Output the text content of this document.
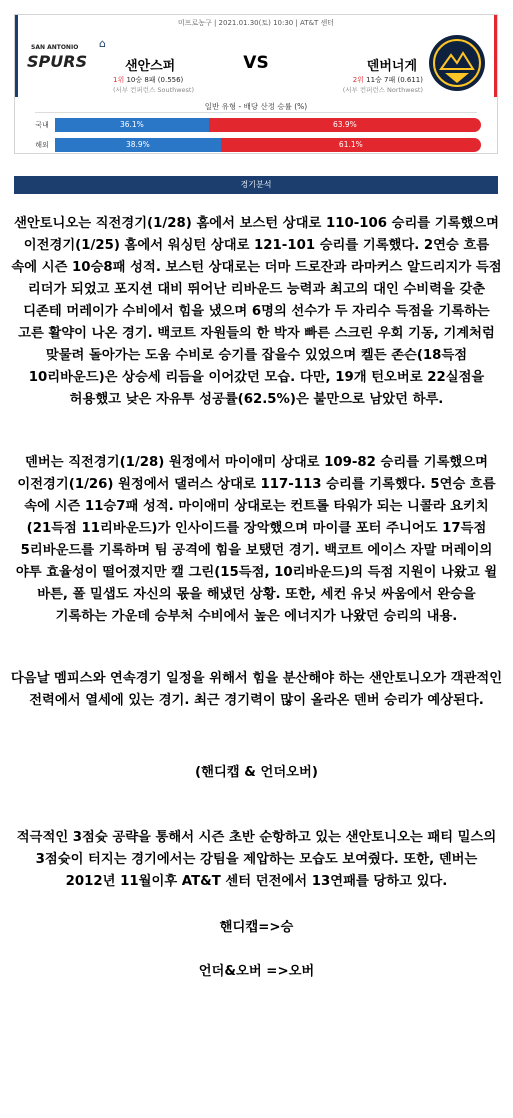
미프로농구 | 2021.01.30(토) 10:30 | AT&T 센터
SAN ANTONIO
SPURS
⌂
샌안스퍼	VS	덴버너게
1위 10승 8패 (0.556)	2위 11승 7패 (0.611)
(서부 컨퍼런스 Southwest)	(서부 컨퍼런스 Northwest)
일반 유형 - 배당 산정 승률 (%)
국내	36.1%	63.9%
해외	38.9%	61.1%
경기분석

샌안토니오는 직전경기(1/28) 홈에서 보스턴 상대로 110-106 승리를 기록했으며 이전경기(1/25) 홈에서 워싱턴 상대로 121-101 승리를 기록했다. 2연승 흐름 속에 시즌 10승8패 성적. 보스턴 상대로는 더마 드로잔과 라마커스 알드리지가 득점 리더가 되었고 포지션 대비 뛰어난 리바운드 능력과 최고의 대인 수비력을 갖춘 디존테 머레이가 수비에서 힘을 냈으며 6명의 선수가 두 자리수 득점을 기록하는 고른 활약이 나온 경기. 백코트 자원들의 한 박자 빠른 스크린 우회 기동, 기계처럼 맞물려 돌아가는 도움 수비로 승기를 잡을수 있었으며 켈든 존슨(18득점 10리바운드)은 상승세 리듬을 이어갔던 모습. 다만, 19개 턴오버로 22실점을 허용했고 낮은 자유투 성공률(62.5%)은 불만으로 남았던 하루.

덴버는 직전경기(1/28) 원정에서 마이애미 상대로 109-82 승리를 기록했으며 이전경기(1/26) 원정에서 댈러스 상대로 117-113 승리를 기록했다. 5연승 흐름 속에 시즌 11승7패 성적. 마이애미 상대로는 컨트롤 타워가 되는 니콜라 요키치(21득점 11리바운드)가 인사이드를 장악했으며 마이클 포터 주니어도 17득점 5리바운드를 기록하며 팀 공격에 힘을 보탰던 경기. 백코트 에이스 자말 머레이의 야투 효율성이 떨어졌지만 캘 그린(15득점, 10리바운드)의 득점 지원이 나왔고 윌 바튼, 폴 밀샙도 자신의 몫을 해냈던 상황. 또한, 세컨 유닛 싸움에서 완승을 기록하는 가운데 승부처 수비에서 높은 에너지가 나왔던 승리의 내용.

다음날 멤피스와 연속경기 일정을 위해서 힘을 분산해야 하는 샌안토니오가 객관적인 전력에서 열세에 있는 경기. 최근 경기력이 많이 올라온 덴버 승리가 예상된다.

(핸디캡 & 언더오버)

적극적인 3점슛 공략을 통해서 시즌 초반 순항하고 있는 샌안토니오는 패티 밀스의 3점슛이 터지는 경기에서는 강팀을 제압하는 모습도 보여줬다. 또한, 덴버는 2012년 11월이후 AT&T 센터 던전에서 13연패를 당하고 있다.

핸디캡=>승

언더&오버 =>오버
